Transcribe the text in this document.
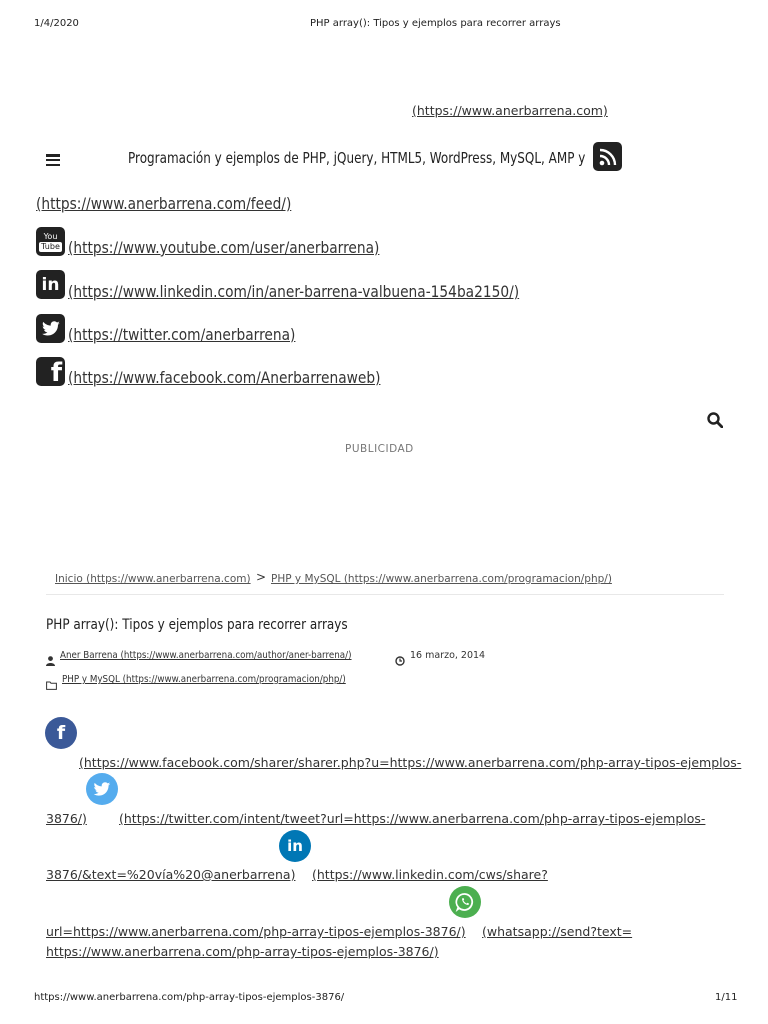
1/4/2020	PHP array(): Tipos y ejemplos para recorrer arrays
(https://www.anerbarrena.com)
Programación y ejemplos de PHP, jQuery, HTML5, WordPress, MySQL, AMP y
(https://www.anerbarrena.com/feed/)
You
Tube (https://www.youtube.com/user/anerbarrena)
in (https://www.linkedin.com/in/aner-barrena-valbuena-154ba2150/)
(https://twitter.com/anerbarrena)
f (https://www.facebook.com/Anerbarrenaweb)
PUBLICIDAD
Inicio (https://www.anerbarrena.com) > PHP y MySQL (https://www.anerbarrena.com/programacion/php/)
PHP array(): Tipos y ejemplos para recorrer arrays
Aner Barrena (https://www.anerbarrena.com/author/aner-barrena/)	16 marzo, 2014
PHP y MySQL (https://www.anerbarrena.com/programacion/php/)
f
(https://www.facebook.com/sharer/sharer.php?u=https://www.anerbarrena.com/php-array-tipos-ejemplos-
3876/)	(https://twitter.com/intent/tweet?url=https://www.anerbarrena.com/php-array-tipos-ejemplos-
3876/&text=%20vía%20@anerbarrena)
in
(https://www.linkedin.com/cws/share?
url=https://www.anerbarrena.com/php-array-tipos-ejemplos-3876/) (whatsapp://send?text=
https://www.anerbarrena.com/php-array-tipos-ejemplos-3876/)
https://www.anerbarrena.com/php-array-tipos-ejemplos-3876/	1/11
